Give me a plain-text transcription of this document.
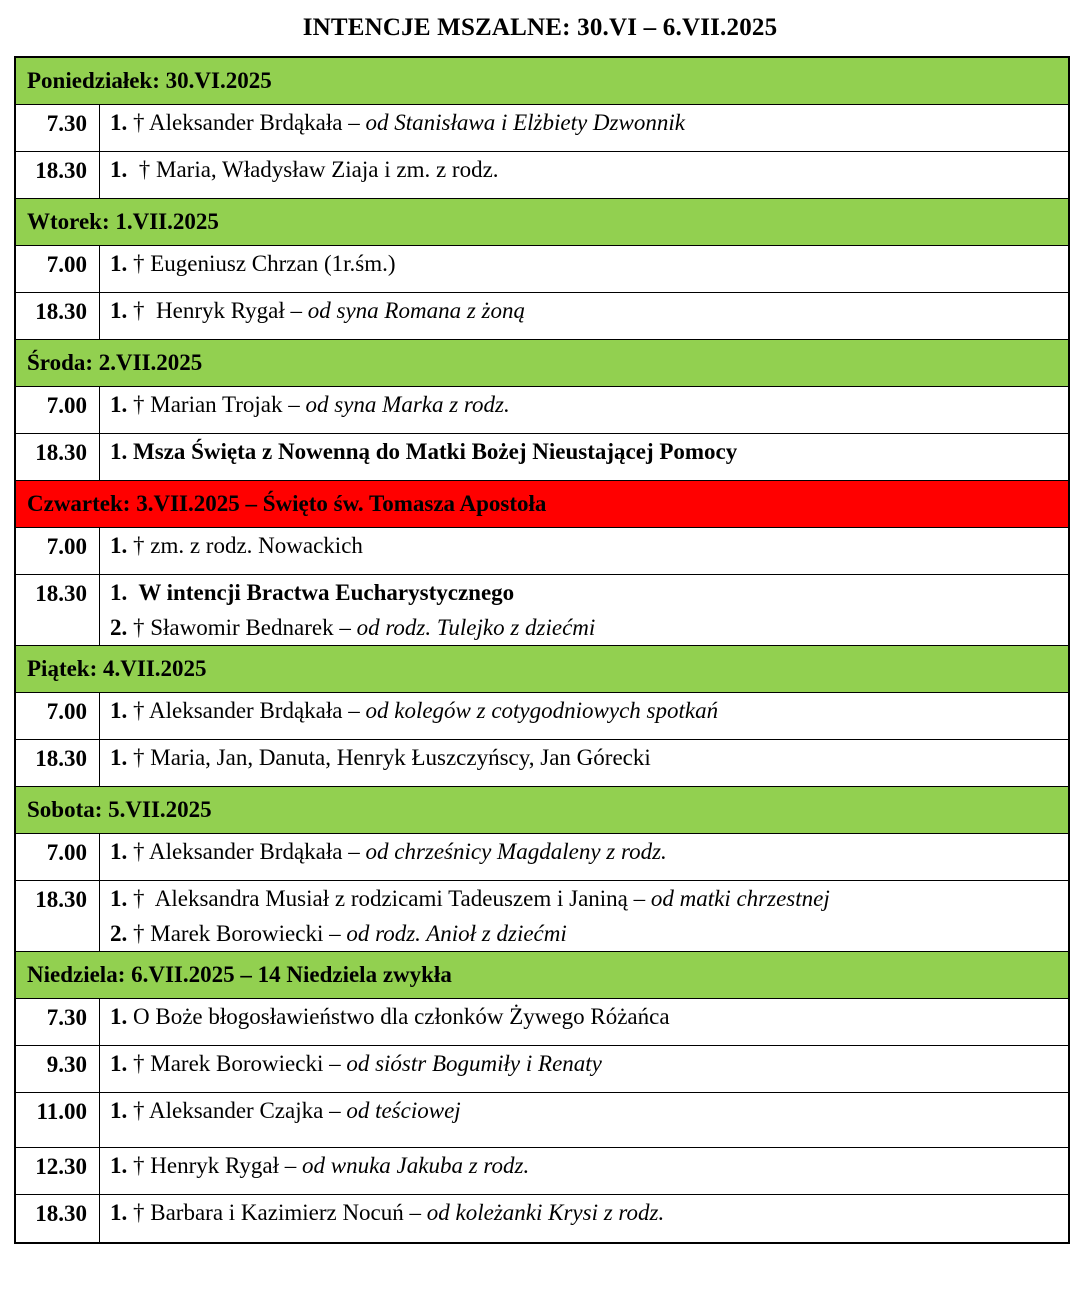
INTENCJE MSZALNE: 30.VI – 6.VII.2025
Poniedziałek: 30.VI.2025
7.30	1. † Aleksander Brdąkała – od Stanisława i Elżbiety Dzwonnik
18.30	1.  † Maria, Władysław Ziaja i zm. z rodz.
Wtorek: 1.VII.2025
7.00	1. † Eugeniusz Chrzan (1r.śm.)
18.30	1. †  Henryk Rygał – od syna Romana z żoną
Środa: 2.VII.2025
7.00	1. † Marian Trojak – od syna Marka z rodz.
18.30	1. Msza Święta z Nowenną do Matki Bożej Nieustającej Pomocy
Czwartek: 3.VII.2025 – Święto św. Tomasza Apostoła
7.00	1. † zm. z rodz. Nowackich
18.30	1.  W intencji Bractwa Eucharystycznego
2. † Sławomir Bednarek – od rodz. Tulejko z dziećmi
Piątek: 4.VII.2025
7.00	1. † Aleksander Brdąkała – od kolegów z cotygodniowych spotkań
18.30	1. † Maria, Jan, Danuta, Henryk Łuszczyńscy, Jan Górecki
Sobota: 5.VII.2025
7.00	1. † Aleksander Brdąkała – od chrześnicy Magdaleny z rodz.
18.30	1. †  Aleksandra Musiał z rodzicami Tadeuszem i Janiną – od matki chrzestnej
2. † Marek Borowiecki – od rodz. Anioł z dziećmi
Niedziela: 6.VII.2025 – 14 Niedziela zwykła
7.30	1. O Boże błogosławieństwo dla członków Żywego Różańca
9.30	1. † Marek Borowiecki – od sióstr Bogumiły i Renaty
11.00	1. † Aleksander Czajka – od teściowej
12.30	1. † Henryk Rygał – od wnuka Jakuba z rodz.
18.30	1. † Barbara i Kazimierz Nocuń – od koleżanki Krysi z rodz.
